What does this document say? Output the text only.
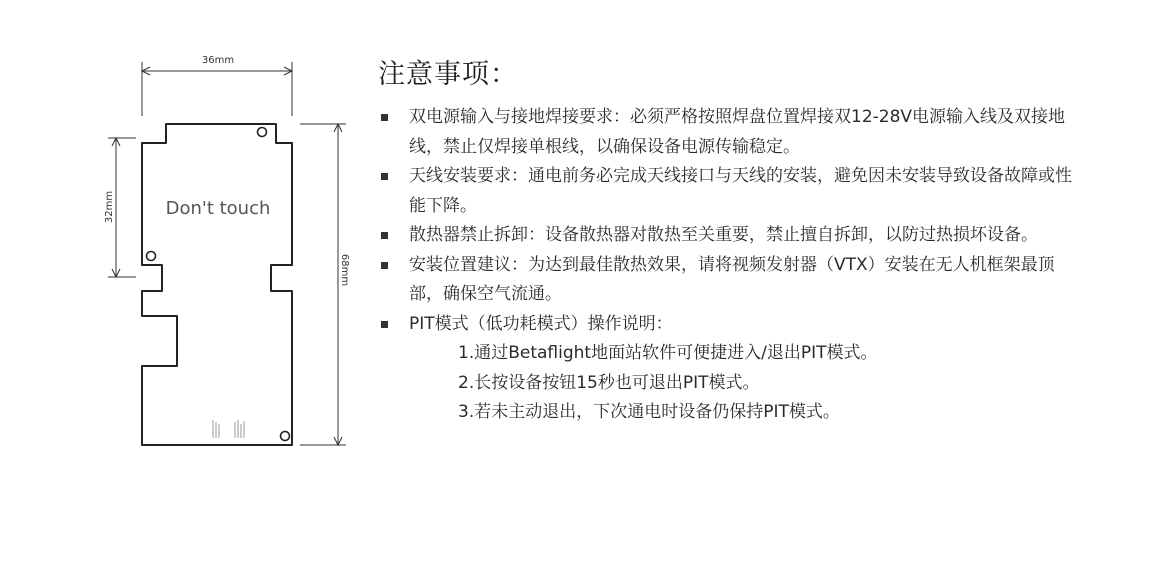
36mm
32mm
68mm
Don't touch
注意事项：
双电源输入与接地焊接要求：必须严格按照焊盘位置焊接双12-28V电源输入线及双接地线，禁止仅焊接单根线，以确保设备电源传输稳定。
天线安装要求：通电前务必完成天线接口与天线的安装，避免因未安装导致设备故障或性能下降。
散热器禁止拆卸：设备散热器对散热至关重要，禁止擅自拆卸，以防过热损坏设备。
安装位置建议：为达到最佳散热效果，请将视频发射器（VTX）安装在无人机框架最顶部，确保空气流通。
PIT模式（低功耗模式）操作说明：
1.通过Betaflight地面站软件可便捷进入/退出PIT模式。
2.长按设备按钮15秒也可退出PIT模式。
3.若未主动退出，下次通电时设备仍保持PIT模式。
